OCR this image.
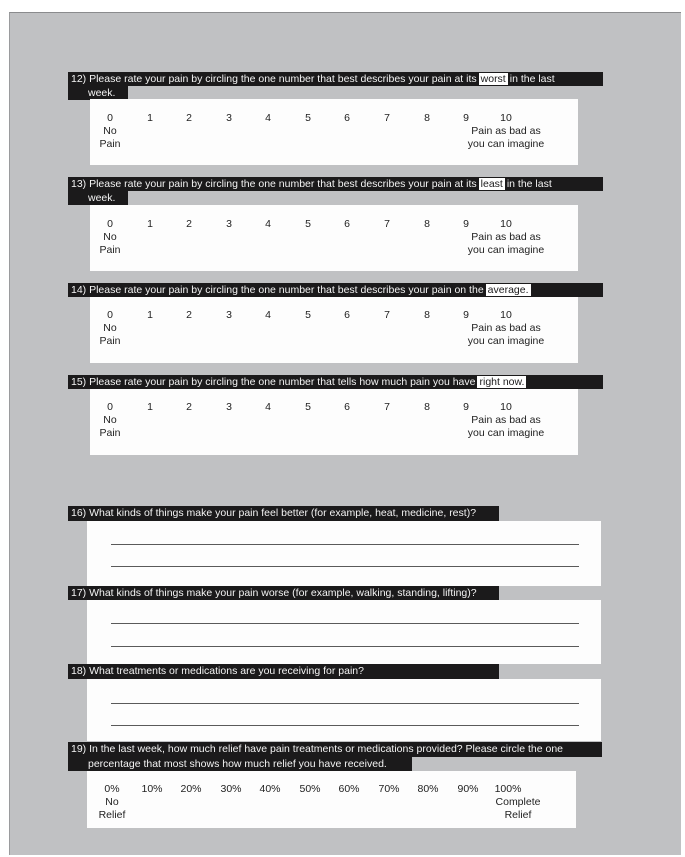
12) Please rate your pain by circling the one number that best describes your pain at its worst in the last
week.
0	1	2	3	4	5	6	7	8	9	10
No
Pain
Pain as bad as
you can imagine
13) Please rate your pain by circling the one number that best describes your pain at its least in the last
week.
0	1	2	3	4	5	6	7	8	9	10
No
Pain
Pain as bad as
you can imagine
14) Please rate your pain by circling the one number that best describes your pain on the average.
0	1	2	3	4	5	6	7	8	9	10
No
Pain
Pain as bad as
you can imagine
15) Please rate your pain by circling the one number that tells how much pain you have right now.
0	1	2	3	4	5	6	7	8	9	10
No
Pain
Pain as bad as
you can imagine
16) What kinds of things make your pain feel better (for example, heat, medicine, rest)?
17) What kinds of things make your pain worse (for example, walking, standing, lifting)?
18) What treatments or medications are you receiving for pain?
19) In the last week, how much relief have pain treatments or medications provided? Please circle the one
percentage that most shows how much relief you have received.
0%	10%	20%	30%	40%	50%	60%	70%	80%	90%	100%
No
Relief
Complete
Relief
